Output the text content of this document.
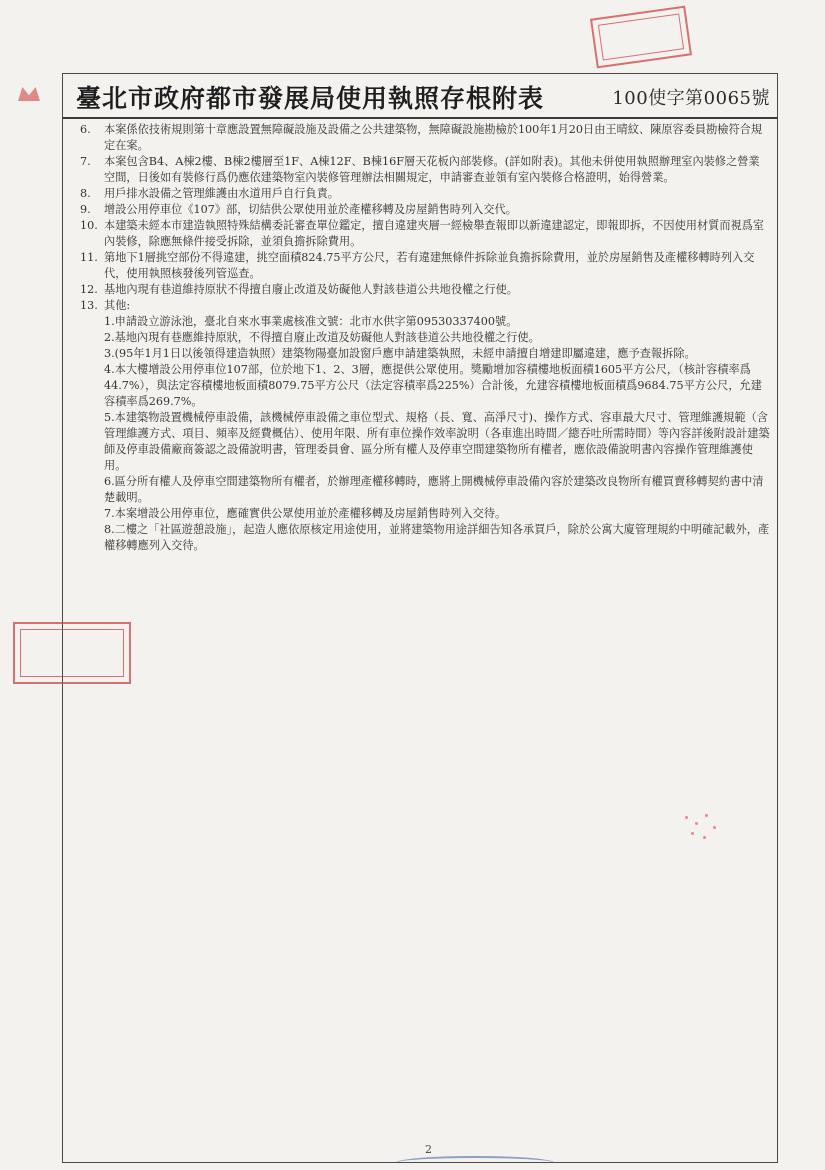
臺北市政府都市發展局使用執照存根附表	100使字第0065號
6. 本案係依技術規則第十章應設置無障礙設施及設備之公共建築物，無障礙設施勘檢於100年1月20日由王晴紋、陳原容委員勘檢符合規定在案。
7. 本案包含B4、A棟2樓、B棟2樓層至1F、A棟12F、B棟16F層天花板內部裝修。(詳如附表)。其他未併使用執照辦理室內裝修之營業空間，日後如有裝修行爲仍應依建築物室內裝修管理辦法相關規定，申請審查並領有室內裝修合格證明，始得營業。
8. 用戶排水設備之管理維護由水道用戶自行負責。
9. 增設公用停車位《107》部，切結供公眾使用並於產權移轉及房屋銷售時列入交代。
10. 本建築未經本市建造執照特殊結構委託審查單位鑑定，擅自違建夾層一經檢舉查報即以新違建認定，即報即拆，不因使用材質而視爲室內裝修，除應無條件接受拆除，並須負擔拆除費用。
11. 第地下1層挑空部份不得違建，挑空面積824.75平方公尺，若有違建無條件拆除並負擔拆除費用，並於房屋銷售及產權移轉時列入交代，使用執照核發後列管巡查。
12. 基地內現有巷道維持原狀不得擅自廢止改道及妨礙他人對該巷道公共地役權之行使。
13. 其他:

1.申請設立游泳池，臺北自來水事業處核准文號：北市水供字第09530337400號。

2.基地內現有巷應維持原狀，不得擅自廢止改道及妨礙他人對該巷道公共地役權之行使。

3.(95年1月1日以後領得建造執照）建築物陽臺加設窗戶應申請建築執照，未經申請擅自增建即屬違建，應予查報拆除。

4.本大樓增設公用停車位107部，位於地下1、2、3層，應提供公眾使用。獎勵增加容積樓地板面積1605平方公尺，（核計容積率爲44.7%），與法定容積樓地板面積8079.75平方公尺（法定容積率爲225%）合計後，允建容積樓地板面積爲9684.75平方公尺，允建容積率爲269.7%。

5.本建築物設置機械停車設備，該機械停車設備之車位型式、規格（長、寬、高淨尺寸)、操作方式、容車最大尺寸、管理維護規範（含管理維護方式、項目、頻率及經費概估）、使用年限、所有車位操作效率說明（各車進出時間／總吞吐所需時間）等內容詳後附設計建築師及停車設備廠商簽認之設備說明書，管理委員會、區分所有權人及停車空間建築物所有權者，應依設備說明書內容操作管理維護使用。

6.區分所有權人及停車空間建築物所有權者，於辦理產權移轉時，應將上開機械停車設備內容於建築改良物所有權買賣移轉契約書中清楚載明。

7.本案增設公用停車位，應確實供公眾使用並於產權移轉及房屋銷售時列入交待。

8.二樓之「社區遊憩設施」，起造人應依原核定用途使用，並將建築物用途詳細告知各承買戶，除於公寓大廈管理規約中明確記載外，產權移轉應列入交待。

2
